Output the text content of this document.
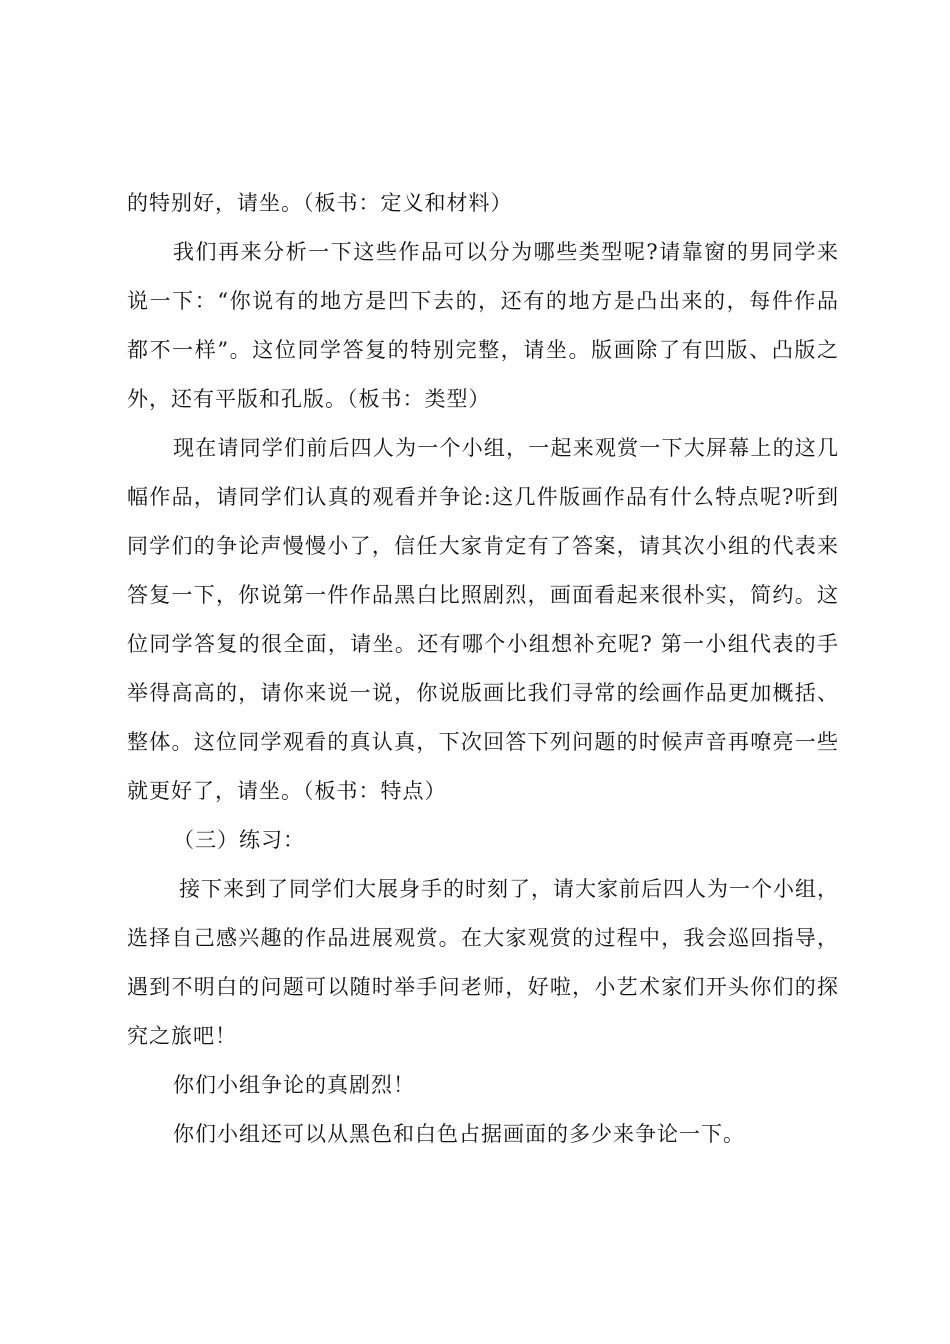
的特别好，请坐。（板书：定义和材料）

我们再来分析一下这些作品可以分为哪些类型呢?请靠窗的男同学来说一下：“你说有的地方是凹下去的，还有的地方是凸出来的，每件作品都不一样”。这位同学答复的特别完整，请坐。版画除了有凹版、凸版之外，还有平版和孔版。（板书：类型）

现在请同学们前后四人为一个小组，一起来观赏一下大屏幕上的这几幅作品，请同学们认真的观看并争论:这几件版画作品有什么特点呢?听到同学们的争论声慢慢小了，信任大家肯定有了答案，请其次小组的代表来答复一下，你说第一件作品黑白比照剧烈，画面看起来很朴实，简约。这位同学答复的很全面，请坐。还有哪个小组想补充呢? 第一小组代表的手举得高高的，请你来说一说，你说版画比我们寻常的绘画作品更加概括、整体。这位同学观看的真认真，下次回答下列问题的时候声音再嘹亮一些就更好了，请坐。（板书：特点）

（三）练习：

接下来到了同学们大展身手的时刻了，请大家前后四人为一个小组，选择自己感兴趣的作品进展观赏。在大家观赏的过程中，我会巡回指导，遇到不明白的问题可以随时举手问老师，好啦，小艺术家们开头你们的探究之旅吧！

你们小组争论的真剧烈！

你们小组还可以从黑色和白色占据画面的多少来争论一下。
